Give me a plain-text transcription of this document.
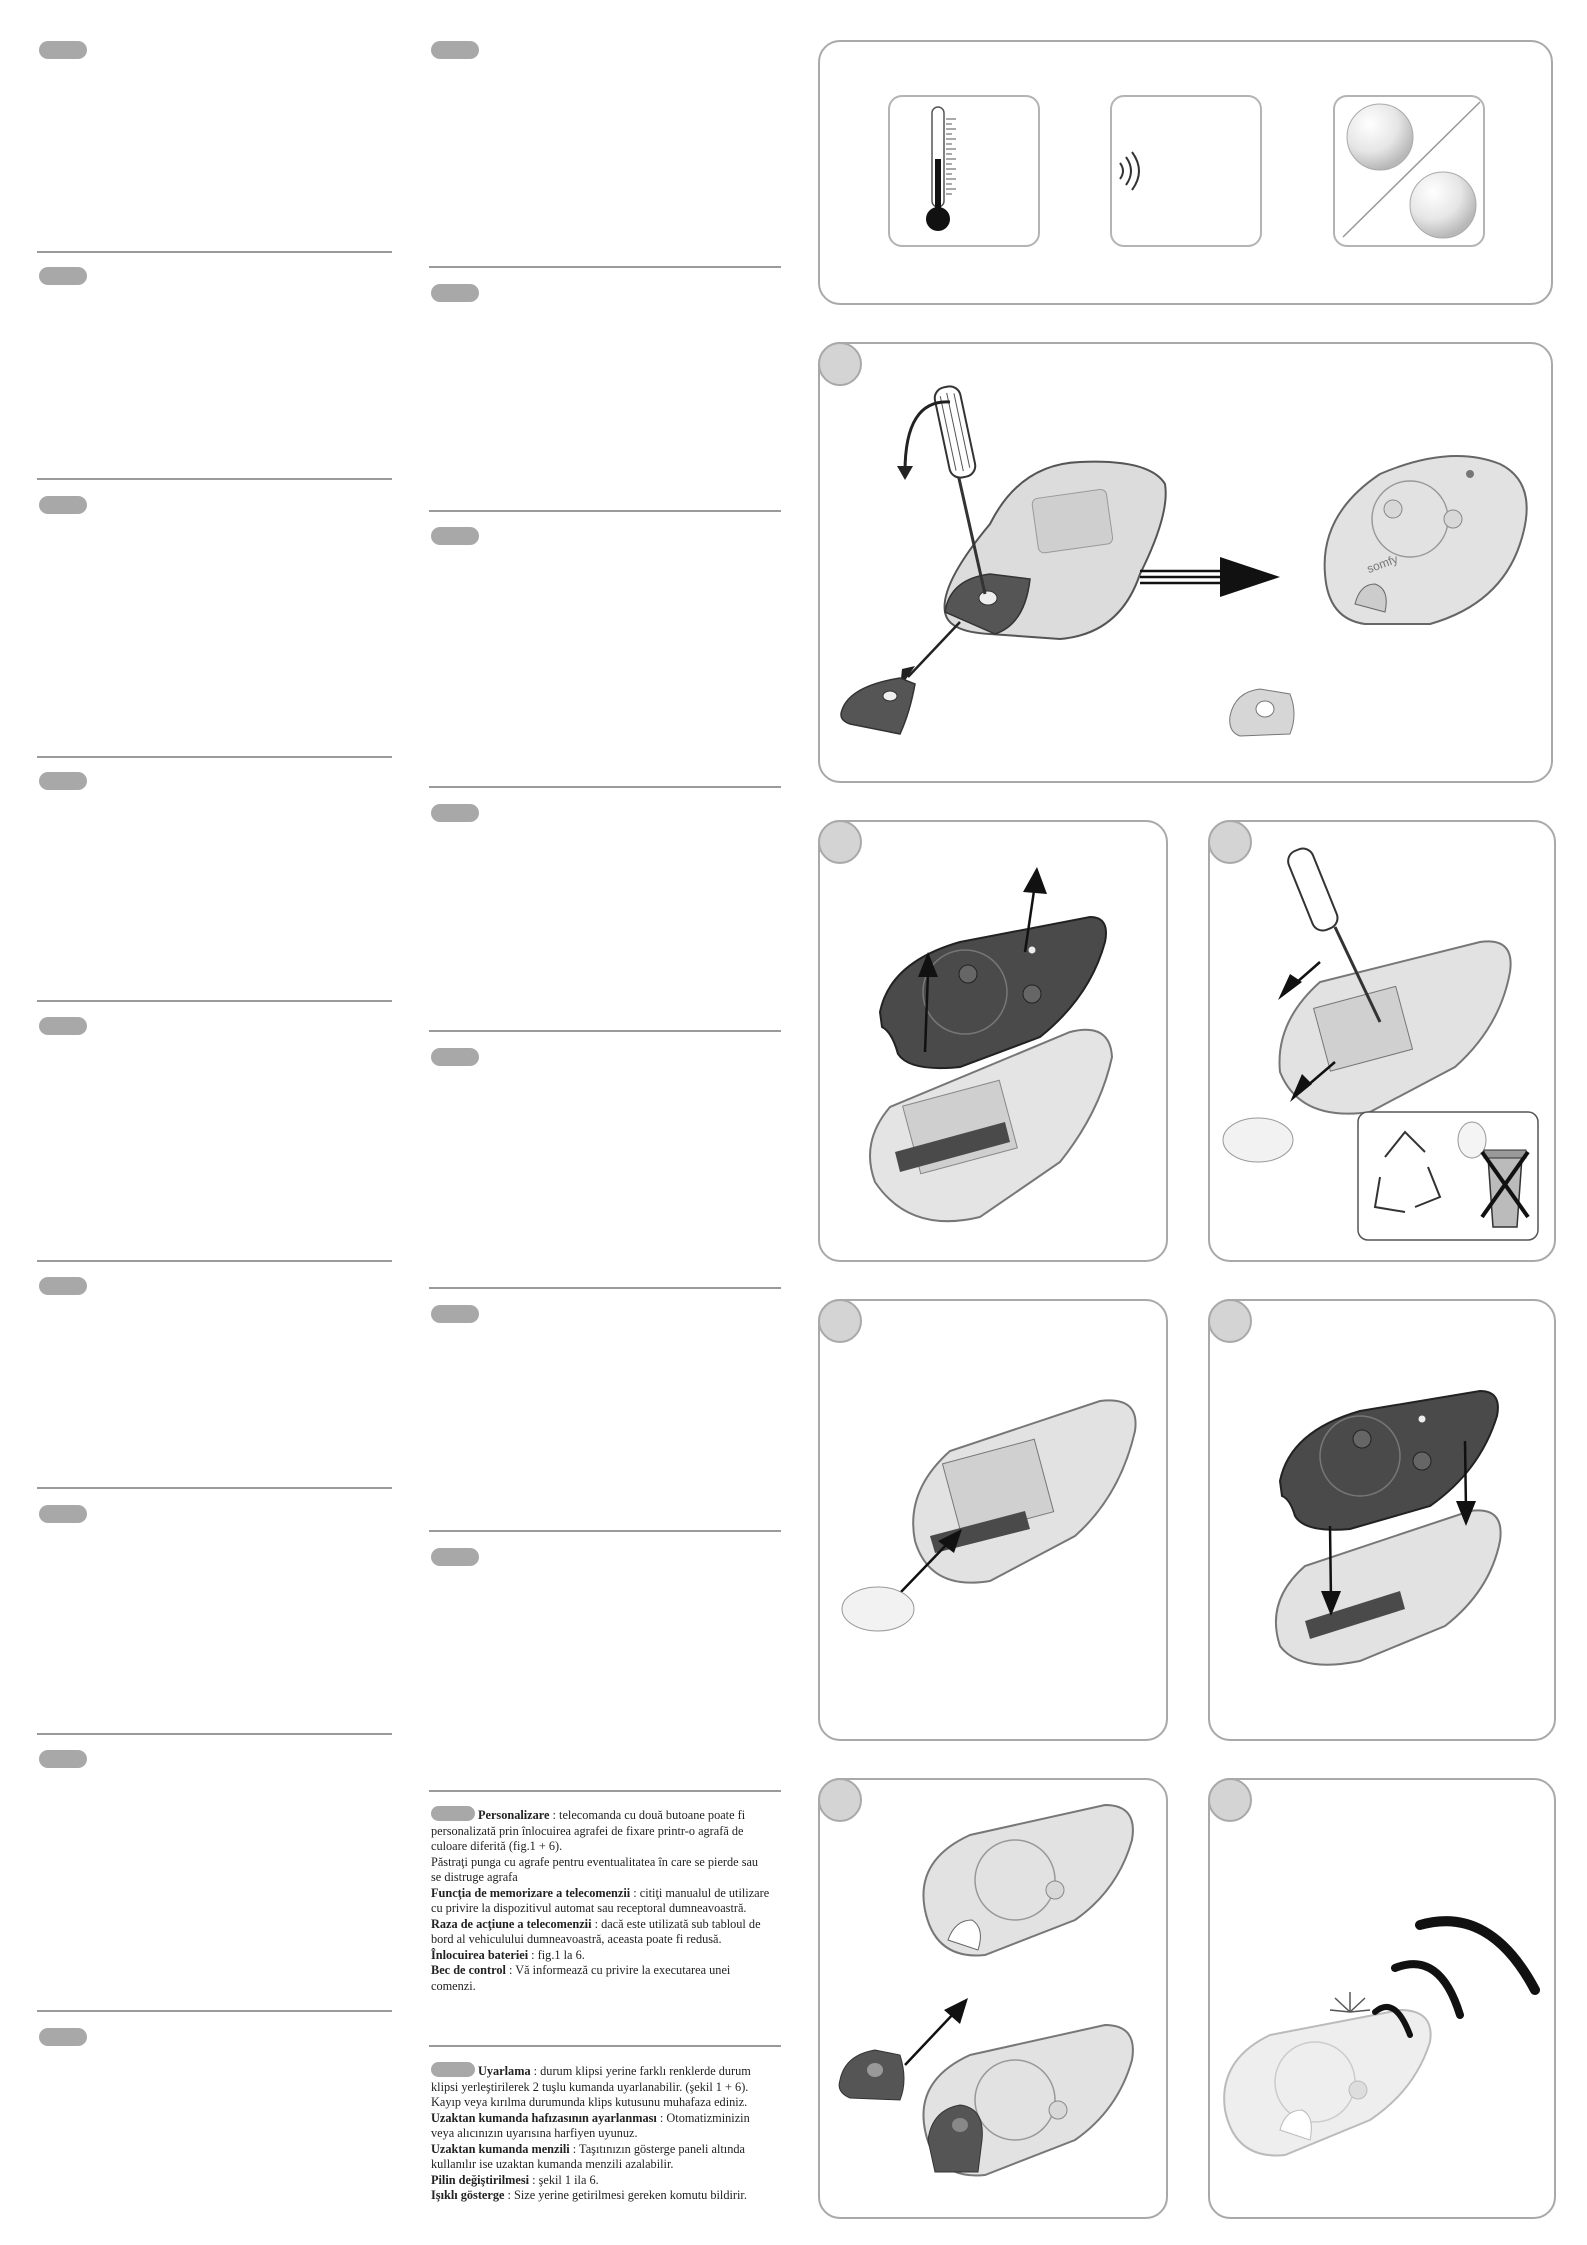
Personalizare : telecomanda cu două butoane poate fi personalizată prin înlocuirea agrafei de fixare printr-o agrafă de culoare diferită (fig.1 + 6).
Păstraţi punga cu agrafe pentru eventualitatea în care se pierde sau se distruge agrafa
Funcţia de memorizare a telecomenzii : citiţi manualul de utilizare cu privire la dispozitivul automat sau receptoral dumneavoastră.
Raza de acţiune a telecomenzii : dacă este utilizată sub tabloul de bord al vehiculului dumneavoastră, aceasta poate fi redusă.
Înlocuirea bateriei : fig.1 la 6.
Bec de control : Vă informează cu privire la executarea unei comenzi.
Uyarlama : durum klipsi yerine farklı renklerde durum klipsi yerleştirilerek 2 tuşlu kumanda uyarlanabilir. (şekil 1 + 6).
Kayıp veya kırılma durumunda klips kutusunu muhafaza ediniz.
Uzaktan kumanda hafızasının ayarlanması : Otomatizminizin veya alıcınızın uyarısına harfiyen uyunuz.
Uzaktan kumanda menzili : Taşıtınızın gösterge paneli altında kullanılır ise uzaktan kumanda menzili azalabilir.
Pilin değiştirilmesi : şekil 1 ila 6.
Işıklı gösterge : Size yerine getirilmesi gereken komutu bildirir.
somfy
